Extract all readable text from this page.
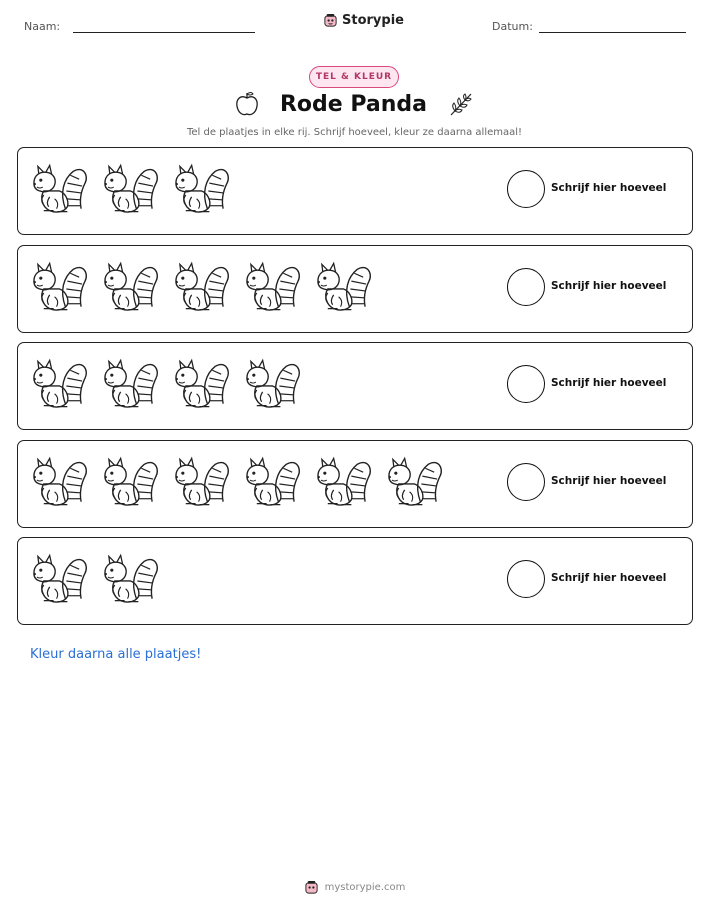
Naam:	Storypie	Datum:
TEL & KLEUR
Rode Panda
Tel de plaatjes in elke rij. Schrijf hoeveel, kleur ze daarna allemaal!
Schrijf hier hoeveel
Schrijf hier hoeveel
Schrijf hier hoeveel
Schrijf hier hoeveel
Schrijf hier hoeveel
Kleur daarna alle plaatjes!
mystorypie.com
